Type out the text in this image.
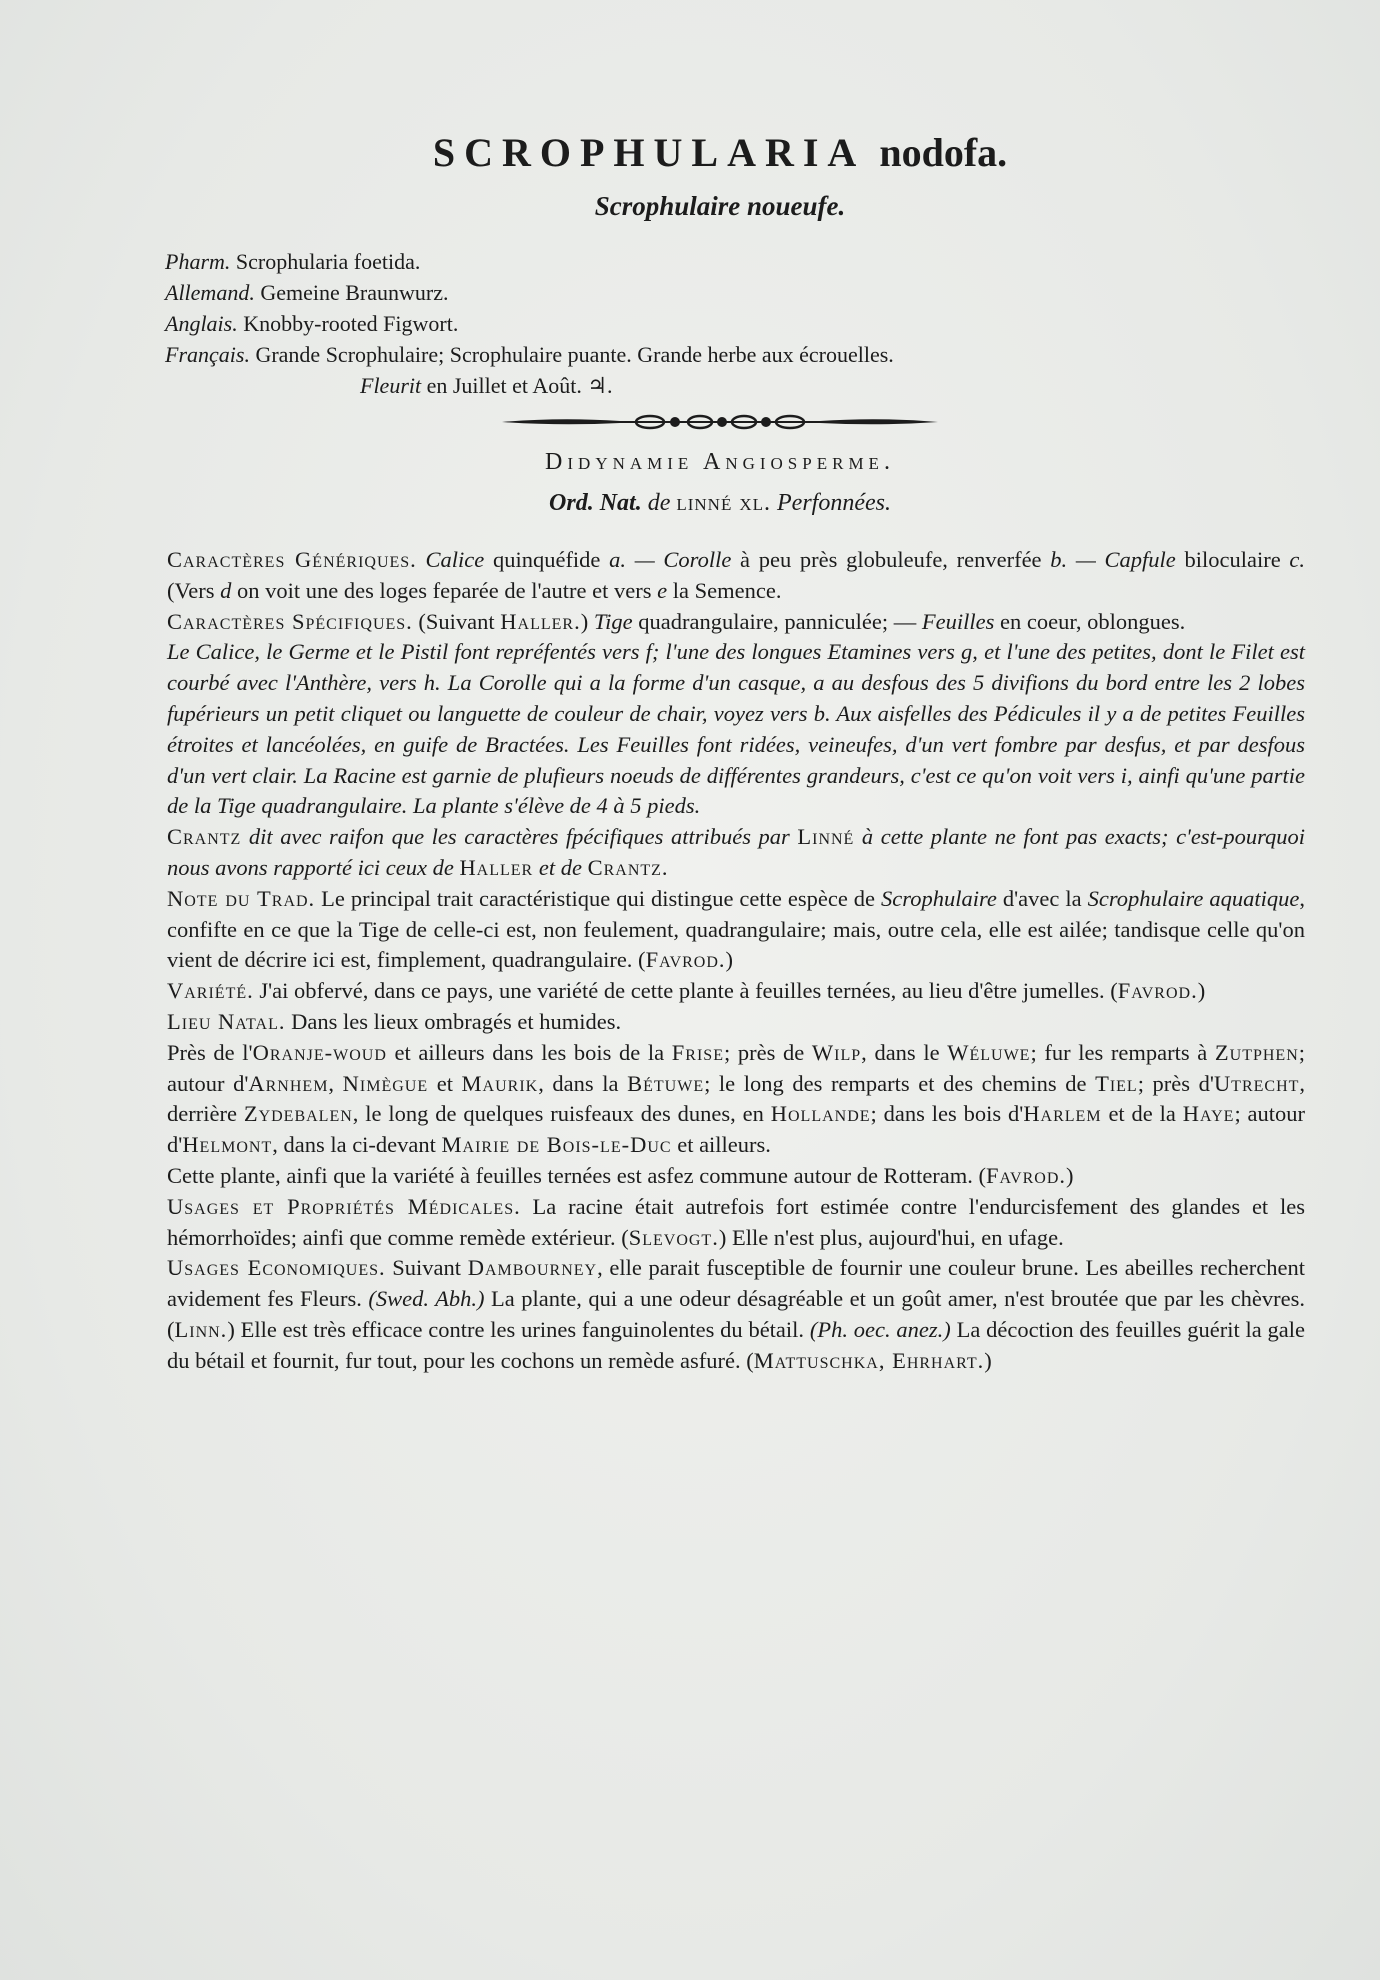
SCROPHULARIA nodofa.
Scrophulaire noueufe.
Pharm. Scrophularia foetida.
Allemand. Gemeine Braunwurz.
Anglais. Knobby-rooted Figwort.
Français. Grande Scrophulaire; Scrophulaire puante. Grande herbe aux écrouelles.
Fleurit en Juillet et Août. ♃.
Didynamie Angiosperme.
Ord. Nat. de linné xl. Perfonnées.

Caractères Génériques. Calice quinquéfide a. — Corolle à peu près globuleufe, renverfée b. — Capfule biloculaire c. (Vers d on voit une des loges feparée de l'autre et vers e la Semence.

Caractères Spécifiques. (Suivant Haller.) Tige quadrangulaire, panniculée; — Feuilles en coeur, oblongues.

Le Calice, le Germe et le Pistil font repréfentés vers f; l'une des longues Etamines vers g, et l'une des petites, dont le Filet est courbé avec l'Anthère, vers h. La Corolle qui a la forme d'un casque, a au desfous des 5 divifions du bord entre les 2 lobes fupérieurs un petit cliquet ou languette de couleur de chair, voyez vers b. Aux aisfelles des Pédicules il y a de petites Feuilles étroites et lancéolées, en guife de Bractées. Les Feuilles font ridées, veineufes, d'un vert fombre par desfus, et par desfous d'un vert clair. La Racine est garnie de plufieurs noeuds de différentes grandeurs, c'est ce qu'on voit vers i, ainfi qu'une partie de la Tige quadrangulaire. La plante s'élève de 4 à 5 pieds.

Crantz dit avec raifon que les caractères fpécifiques attribués par Linné à cette plante ne font pas exacts; c'est-pourquoi nous avons rapporté ici ceux de Haller et de Crantz.

Note du Trad. Le principal trait caractéristique qui distingue cette espèce de Scrophulaire d'avec la Scrophulaire aquatique, confifte en ce que la Tige de celle-ci est, non feulement, quadrangulaire; mais, outre cela, elle est ailée; tandisque celle qu'on vient de décrire ici est, fimplement, quadrangulaire. (Favrod.)

Variété. J'ai obfervé, dans ce pays, une variété de cette plante à feuilles ternées, au lieu d'être jumelles. (Favrod.)

Lieu Natal. Dans les lieux ombragés et humides.

Près de l'Oranje-woud et ailleurs dans les bois de la Frise; près de Wilp, dans le Wéluwe; fur les remparts à Zutphen; autour d'Arnhem, Nimègue et Maurik, dans la Bétuwe; le long des remparts et des chemins de Tiel; près d'Utrecht, derrière Zydebalen, le long de quelques ruisfeaux des dunes, en Hollande; dans les bois d'Harlem et de la Haye; autour d'Helmont, dans la ci-devant Mairie de Bois-le-Duc et ailleurs.

Cette plante, ainfi que la variété à feuilles ternées est asfez commune autour de Rotteram. (Favrod.)

Usages et Propriétés Médicales. La racine était autrefois fort estimée contre l'endurcisfement des glandes et les hémorrhoïdes; ainfi que comme remède extérieur. (Slevogt.) Elle n'est plus, aujourd'hui, en ufage.

Usages Economiques. Suivant Dambourney, elle parait fusceptible de fournir une couleur brune. Les abeilles recherchent avidement fes Fleurs. (Swed. Abh.) La plante, qui a une odeur désagréable et un goût amer, n'est broutée que par les chèvres. (Linn.) Elle est très efficace contre les urines fanguinolentes du bétail. (Ph. oec. anez.) La décoction des feuilles guérit la gale du bétail et fournit, fur tout, pour les cochons un remède asfuré. (Mattuschka, Ehrhart.)
